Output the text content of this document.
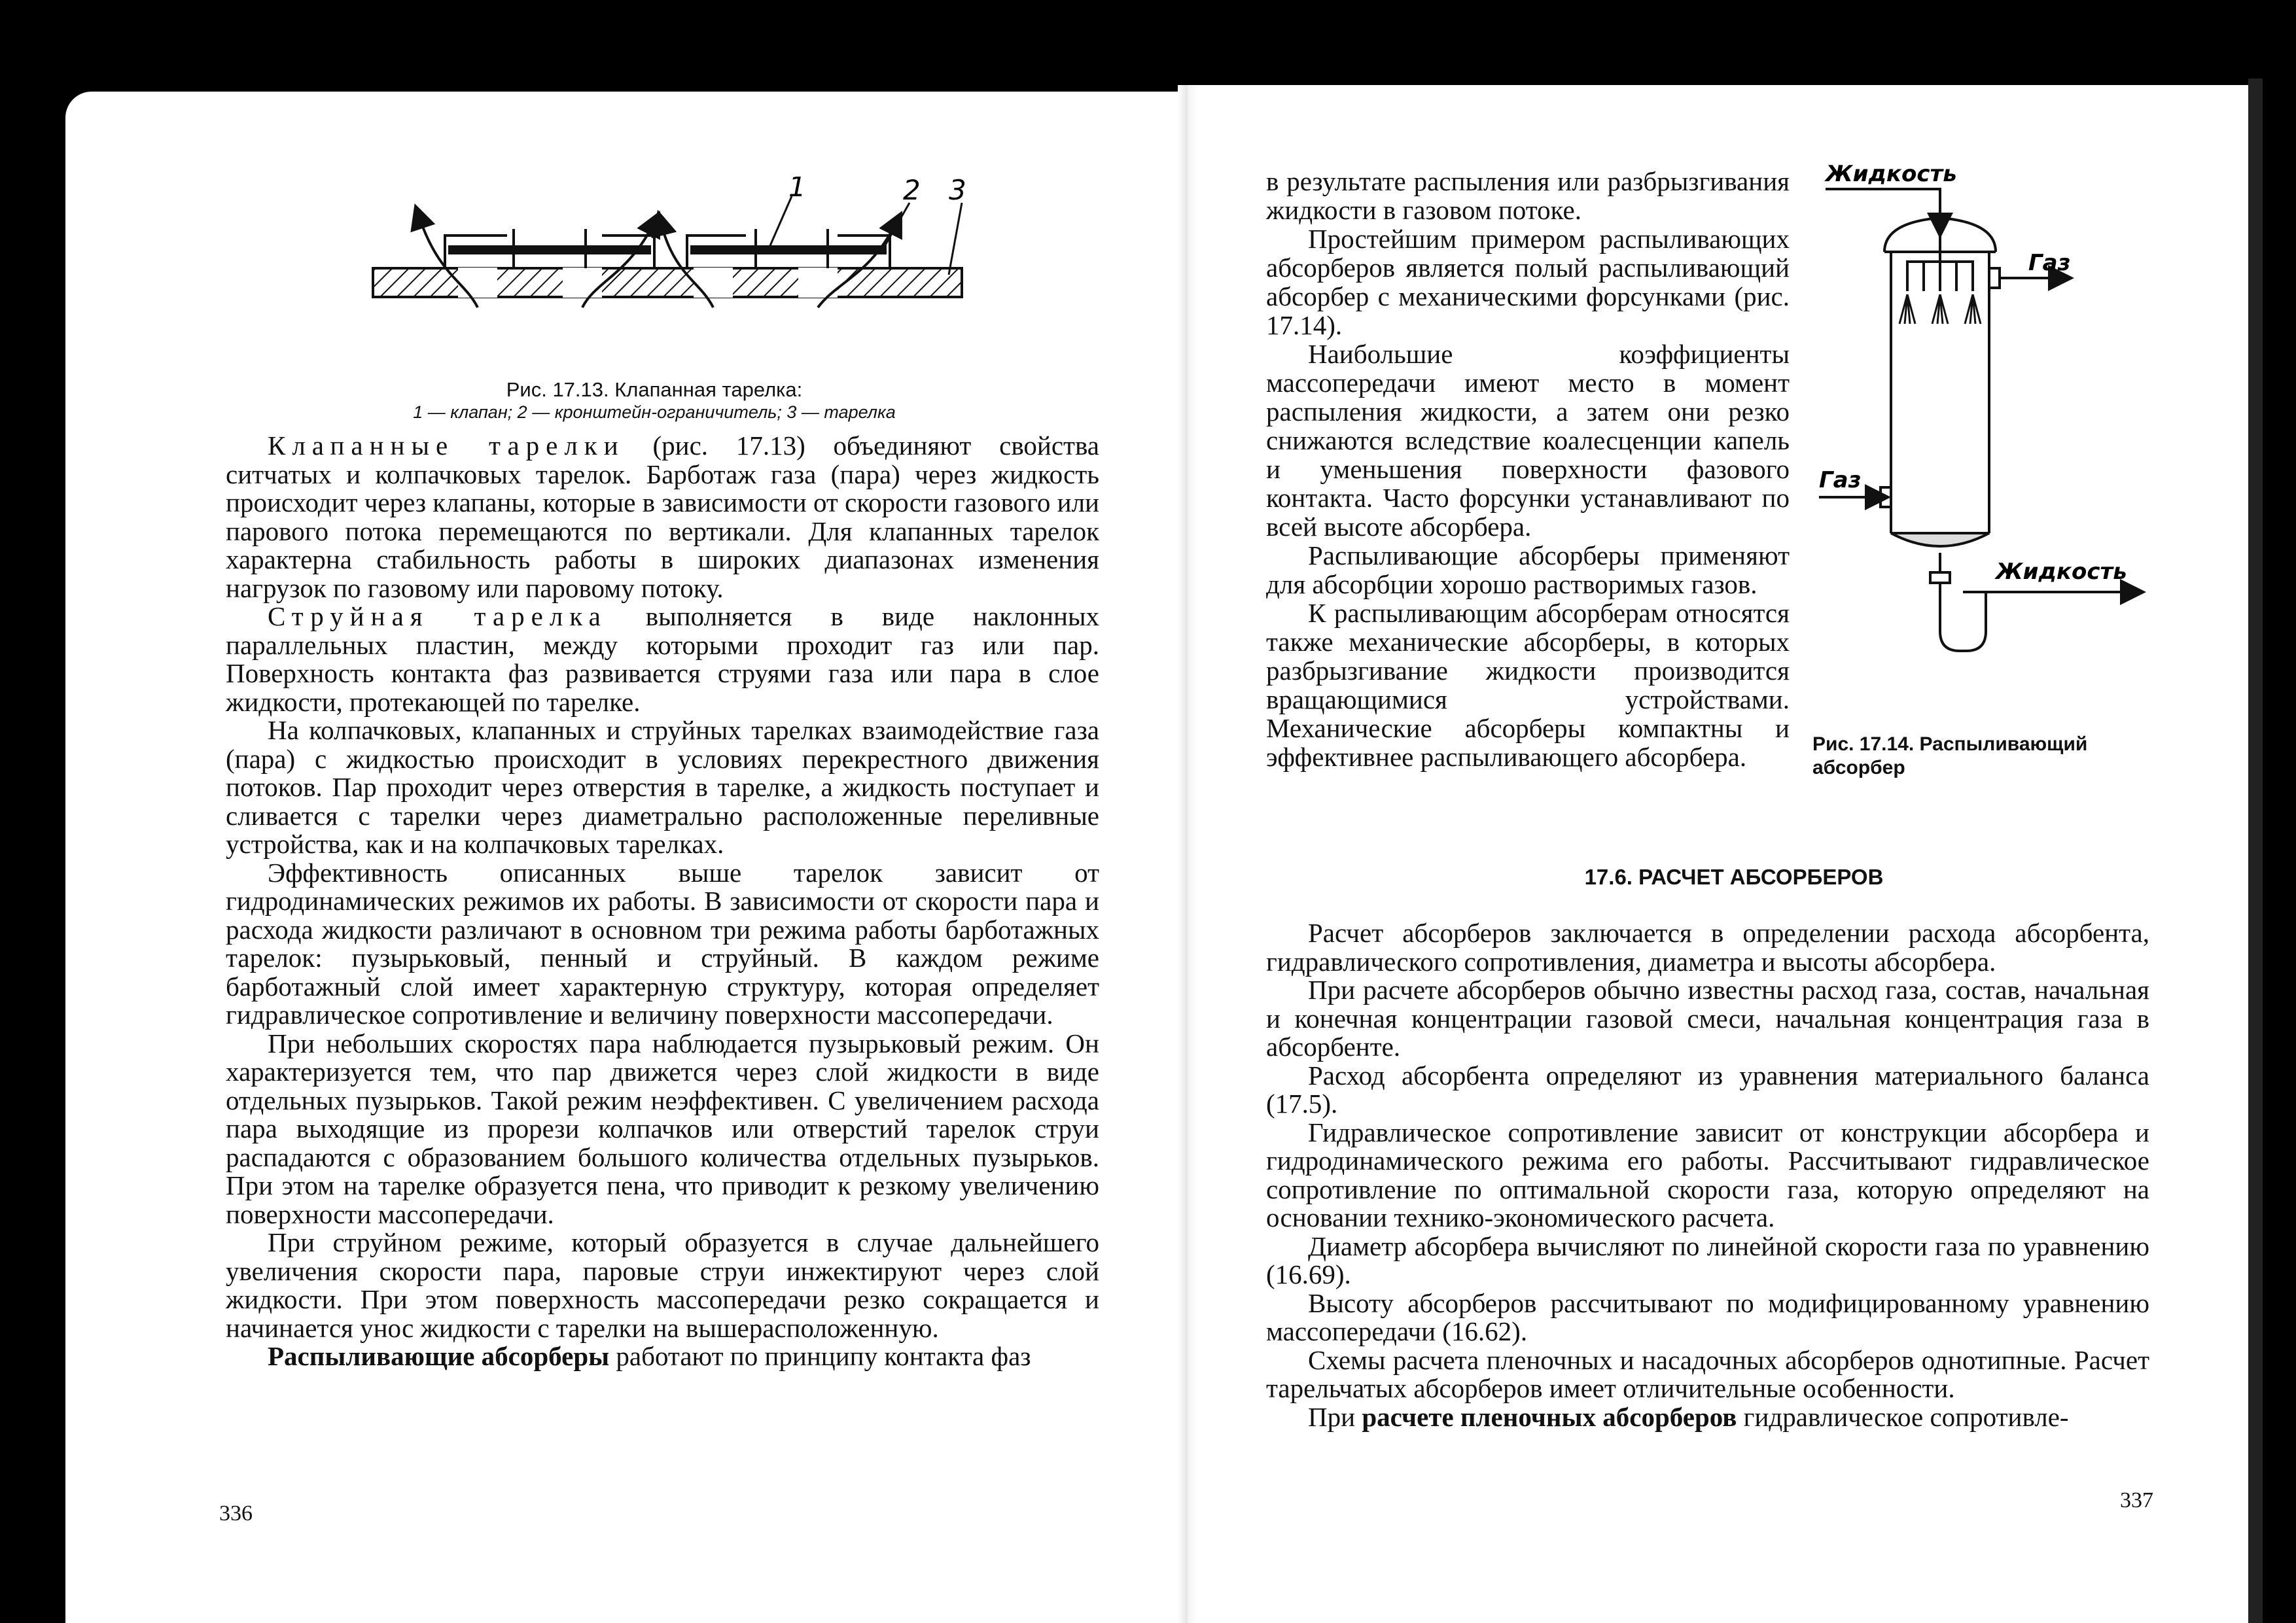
1	2 3
Рис. 17.13. Клапанная тарелка:
1 — клапан; 2 — кронштейн-ограничитель; 3 — тарелка

Клапанные тарелки (рис. 17.13) объединяют свойства ситчатых и колпачковых тарелок. Барботаж газа (пара) через жидкость происходит через клапаны, которые в зависимости от скорости газового или парового потока перемещаются по вертикали. Для клапанных тарелок характерна стабильность работы в широких диапазонах изменения нагрузок по газовому или паровому потоку.

Струйная тарелка выполняется в виде наклонных параллельных пластин, между которыми проходит газ или пар. Поверхность контакта фаз развивается струями газа или пара в слое жидкости, протекающей по тарелке.

На колпачковых, клапанных и струйных тарелках взаимодействие газа (пара) с жидкостью происходит в условиях перекрестного движения потоков. Пар проходит через отверстия в тарелке, а жидкость поступает и сливается с тарелки через диаметрально расположенные переливные устройства, как и на колпачковых тарелках.

Эффективность описанных выше тарелок зависит от гидродинамических режимов их работы. В зависимости от скорости пара и расхода жидкости различают в основном три режима работы барботажных тарелок: пузырьковый, пенный и струйный. В каждом режиме барботажный слой имеет характерную структуру, которая определяет гидравлическое сопротивление и величину поверхности массопередачи.

При небольших скоростях пара наблюдается пузырьковый режим. Он характеризуется тем, что пар движется через слой жидкости в виде отдельных пузырьков. Такой режим неэффективен. С увеличением расхода пара выходящие из прорези колпачков или отверстий тарелок струи распадаются с образованием большого количества отдельных пузырьков. При этом на тарелке образуется пена, что приводит к резкому увеличению поверхности массопередачи.

При струйном режиме, который образуется в случае дальнейшего увеличения скорости пара, паровые струи инжектируют через слой жидкости. При этом поверхность массопередачи резко сокращается и начинается унос жидкости с тарелки на вышерасположенную.

Распыливающие абсорберы работают по принципу контакта фаз

336

в результате распыления или разбрызгивания жидкости в газовом потоке.

Простейшим примером распыливающих абсорберов является полый распыливающий абсорбер с механическими форсунками (рис. 17.14).

Наибольшие коэффициенты массопередачи имеют место в момент распыления жидкости, а затем они резко снижаются вследствие коалесценции капель и уменьшения поверхности фазового контакта. Часто форсунки устанавливают по всей высоте абсорбера.

Распыливающие абсорберы применяют для абсорбции хорошо растворимых газов.

К распыливающим абсорберам относятся также механические абсорберы, в которых разбрызгивание жидкости производится вращающимися устройствами. Механические абсорберы компактны и эффективнее распыливающего абсорбера.

Жидкость
Газ
Газ
Жидкость
Рис. 17.14. Распыливающий абсорбер
17.6. РАСЧЕТ АБСОРБЕРОВ

Расчет абсорберов заключается в определении расхода абсорбента, гидравлического сопротивления, диаметра и высоты абсорбера.

При расчете абсорберов обычно известны расход газа, состав, начальная и конечная концентрации газовой смеси, начальная концентрация газа в абсорбенте.

Расход абсорбента определяют из уравнения материального баланса (17.5).

Гидравлическое сопротивление зависит от конструкции абсорбера и гидродинамического режима его работы. Рассчитывают гидравлическое сопротивление по оптимальной скорости газа, которую определяют на основании технико-экономического расчета.

Диаметр абсорбера вычисляют по линейной скорости газа по уравнению (16.69).

Высоту абсорберов рассчитывают по модифицированному уравнению массопередачи (16.62).

Схемы расчета пленочных и насадочных абсорберов однотипные. Расчет тарельчатых абсорберов имеет отличительные особенности.

При расчете пленочных абсорберов гидравлическое сопротивле-

337
